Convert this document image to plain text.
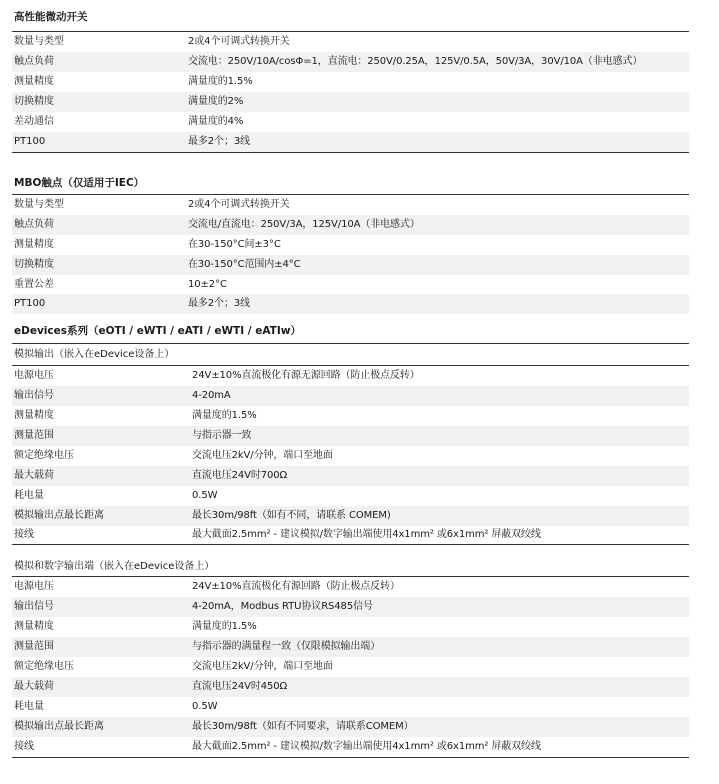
高性能微动开关
数量与类型	2或4个可调式转换开关
触点负荷	交流电：250V/10A/cosΦ=1，直流电：250V/0.25A，125V/0.5A，50V/3A，30V/10A（非电感式）
测量精度	满量度的1.5%
切换精度	满量度的2%
差动通信	满量度的4%
PT100	最多2个；3线
MBO触点（仅适用于IEC）
数量与类型	2或4个可调式转换开关
触点负荷	交流电/直流电：250V/3A，125V/10A（非电感式）
测量精度	在30-150°C间±3°C
切换精度	在30-150°C范围内±4°C
重置公差	10±2°C
PT100	最多2个；3线
eDevices系列（eOTI / eWTI / eATI / eWTI / eATIw）
模拟输出（嵌入在eDevice设备上）
电源电压	24V±10%直流极化有源无源回路（防止极点反转）
输出信号	4-20mA
测量精度	满量度的1.5%
测量范围	与指示器一致
额定绝缘电压	交流电压2kV/分钟，端口至地面
最大载荷	直流电压24V时700Ω
耗电量	0.5W
模拟输出点最长距离	最长30m/98ft（如有不同，请联系 COMEM)
接线	最大截面2.5mm² - 建议模拟/数字输出端使用4x1mm² 或6x1mm² 屏蔽双绞线
模拟和数字输出端（嵌入在eDevice设备上）
电源电压	24V±10%直流极化有源回路（防止极点反转）
输出信号	4-20mA，Modbus RTU协议RS485信号
测量精度	满量度的1.5%
测量范围	与指示器的满量程一致（仅限模拟输出端）
额定绝缘电压	交流电压2kV/分钟，端口至地面
最大载荷	直流电压24V时450Ω
耗电量	0.5W
模拟输出点最长距离	最长30m/98ft（如有不同要求，请联系COMEM）
接线	最大截面2.5mm² - 建议模拟/数字输出端使用4x1mm² 或6x1mm² 屏蔽双绞线
